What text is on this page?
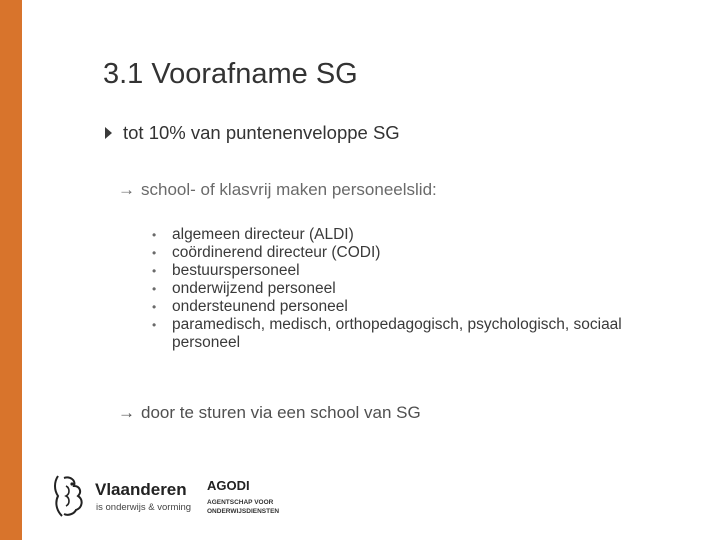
3.1 Voorafname SG
tot 10% van puntenenveloppe SG
→ school- of klasvrij maken personeelslid:
• algemeen directeur (ALDI)
• coördinerend directeur (CODI)
• bestuurspersoneel
• onderwijzend personeel
• ondersteunend personeel
• paramedisch, medisch, orthopedagogisch, psychologisch, sociaal personeel
→ door te sturen via een school van SG
Vlaanderen
is onderwijs & vorming
AGODI
AGENTSCHAP VOOR ONDERWIJSDIENSTEN
